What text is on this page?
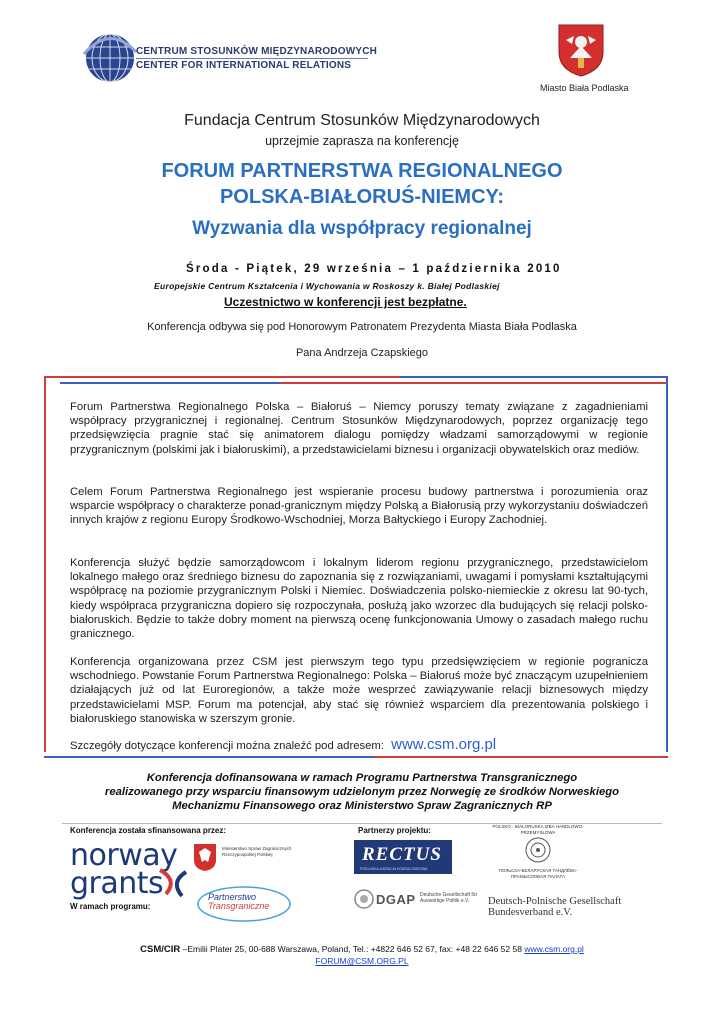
CENTRUM STOSUNKÓW MIĘDZYNARODOWYCH
CENTER FOR INTERNATIONAL RELATIONS
Miasto Biała Podlaska
Fundacja Centrum Stosunków Międzynarodowych
uprzejmie zaprasza na konferencję
FORUM PARTNERSTWA REGIONALNEGO
POLSKA-BIAŁORUŚ-NIEMCY:
Wyzwania dla współpracy regionalnej
Środa - Piątek, 29 września – 1 października 2010
Europejskie Centrum Kształcenia i Wychowania w Roskoszy k. Białej Podlaskiej
Uczestnictwo w konferencji jest bezpłatne.
Konferencja odbywa się pod Honorowym Patronatem Prezydenta Miasta Biała Podlaska
Pana Andrzeja Czapskiego
Forum Partnerstwa Regionalnego Polska – Białoruś – Niemcy poruszy tematy związane z zagadnieniami współpracy przygranicznej i regionalnej. Centrum Stosunków Międzynarodowych, poprzez organizację tego przedsięwzięcia pragnie stać się animatorem dialogu pomiędzy władzami samorządowymi w regionie przygranicznym (polskimi jak i białoruskimi), a przedstawicielami biznesu i organizacji obywatelskich oraz mediów.
Celem Forum Partnerstwa Regionalnego jest wspieranie procesu budowy partnerstwa i porozumienia oraz wsparcie współpracy o charakterze ponad-granicznym między Polską a Białorusią przy wykorzystaniu doświadczeń innych krajów z regionu Europy Środkowo-Wschodniej, Morza Bałtyckiego i Europy Zachodniej.
Konferencja służyć będzie samorządowcom i lokalnym liderom regionu przygranicznego, przedstawicielom lokalnego małego oraz średniego biznesu do zapoznania się z rozwiązaniami, uwagami i pomysłami kształtującymi współpracę na poziomie przygranicznym Polski i Niemiec. Doświadczenia polsko-niemieckie z okresu lat 90-tych, kiedy współpraca przygraniczna dopiero się rozpoczynała, posłużą jako wzorzec dla budujących się relacji polsko-białoruskich. Będzie to także dobry moment na pierwszą ocenę funkcjonowania Umowy o zasadach małego ruchu granicznego.
Konferencja organizowana przez CSM jest pierwszym tego typu przedsięwzięciem w regionie pogranicza wschodniego. Powstanie Forum Partnerstwa Regionalnego: Polska – Białoruś może być znaczącym uzupełnieniem działających już od lat Euroregionów, a także może wesprzeć zawiązywanie relacji biznesowych między przedstawicielami MSP. Forum ma potencjał, aby stać się również wsparciem dla prezentowania polskiego i białoruskiego stanowiska w szerszym gronie.
Szczegóły dotyczące konferencji można znaleźć pod adresem: www.csm.org.pl
Konferencja dofinansowana w ramach Programu Partnerstwa Transgranicznego
realizowanego przy wsparciu finansowym udzielonym przez Norwegię ze środków Norweskiego
Mechanizmu Finansowego oraz Ministerstwo Spraw Zagranicznych RP
Konferencja została sfinansowana przez:	Partnerzy projektu:
W ramach programu:
norway
grants
Ministerstwo Spraw Zagranicznych Rzeczypospolitej Polskiej
Partnerstwo
Transgraniczne
RECTUS
PODLASKA AGENCJA KONSULTINGOWA
POLSKO - BIAŁORUSKA IZBA HANDLOWO-PRZEMYSŁOWA
ПОЛЬСКА-БЕЛАРУСКАЯ ГАНДЛЁВА-ПРАМЫСЛОВАЯ ПАЛАТА
DGAP Deutsche Gesellschaft für Auswärtige Politik e.V.	Deutsch-Polnische Gesellschaft
Bundesverband e.V.
CSM/CIR –Emilii Plater 25, 00-688 Warszawa, Poland, Tel.: +4822 646 52 67, fax: +48 22 646 52 58 www.csm.org.pl
FORUM@CSM.ORG.PL
